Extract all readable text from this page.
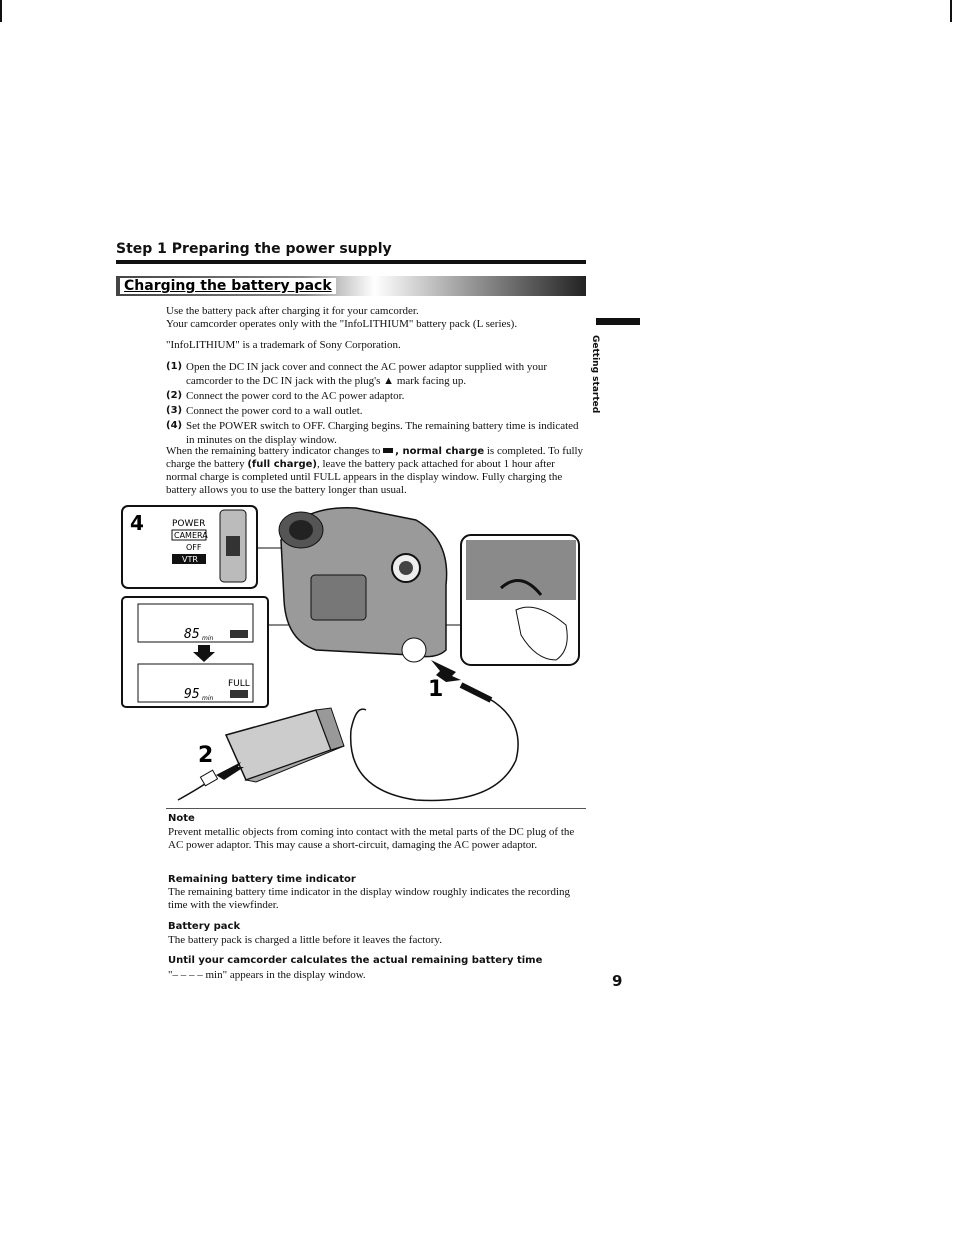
Step 1 Preparing the power supply
Charging the battery pack
Use the battery pack after charging it for your camcorder.
Your camcorder operates only with the "InfoLITHIUM" battery pack (L series).
"InfoLITHIUM" is a trademark of Sony Corporation.
(1) Open the DC IN jack cover and connect the AC power adaptor supplied with your camcorder to the DC IN jack with the plug's ▲ mark facing up.
(2) Connect the power cord to the AC power adaptor.
(3) Connect the power cord to a wall outlet.
(4) Set the POWER switch to OFF. Charging begins. The remaining battery time is indicated in minutes on the display window.
When the remaining battery indicator changes to , normal charge is completed. To fully charge the battery (full charge), leave the battery pack attached for about 1 hour after normal charge is completed until FULL appears in the display window. Fully charging the battery allows you to use the battery longer than usual.
Getting started
4	POWER
CAMERA
OFF
VTR
85 min
FULL
95 min	1
2
Note
Prevent metallic objects from coming into contact with the metal parts of the DC plug of the AC power adaptor. This may cause a short-circuit, damaging the AC power adaptor.
Remaining battery time indicator
The remaining battery time indicator in the display window roughly indicates the recording time with the viewfinder.
Battery pack
The battery pack is charged a little before it leaves the factory.
Until your camcorder calculates the actual remaining battery time
"– – – – min" appears in the display window.	9
